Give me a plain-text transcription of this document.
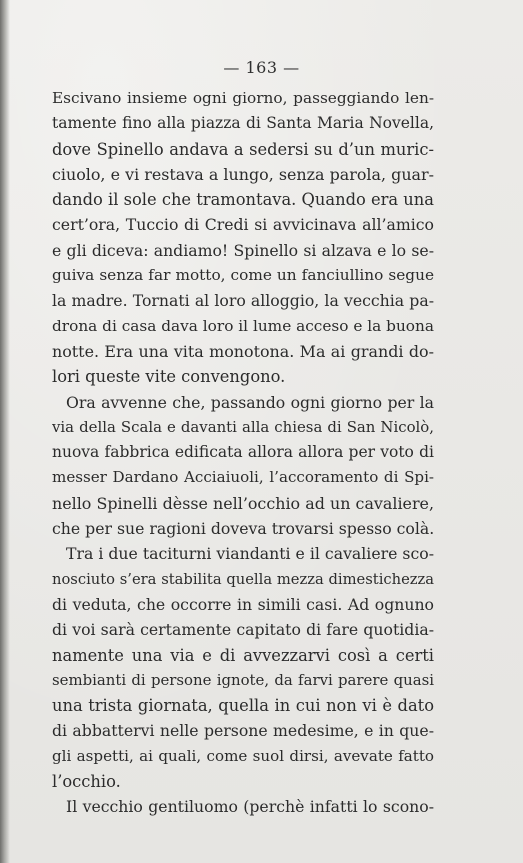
— 163 —
Escivano insieme ogni giorno, passeggiando len-
tamente fino alla piazza di Santa Maria Novella,
dove Spinello andava a sedersi su d’un muric-
ciuolo, e vi restava a lungo, senza parola, guar-
dando il sole che tramontava. Quando era una
cert’ora, Tuccio di Credi si avvicinava all’amico
e gli diceva: andiamo! Spinello si alzava e lo se-
guiva senza far motto, come un fanciullino segue
la madre. Tornati al loro alloggio, la vecchia pa-
drona di casa dava loro il lume acceso e la buona
notte. Era una vita monotona. Ma ai grandi do-
lori queste vite convengono.
Ora avvenne che, passando ogni giorno per la
via della Scala e davanti alla chiesa di San Nicolò,
nuova fabbrica edificata allora allora per voto di
messer Dardano Acciaiuoli, l’accoramento di Spi-
nello Spinelli dèsse nell’occhio ad un cavaliere,
che per sue ragioni doveva trovarsi spesso colà.
Tra i due taciturni viandanti e il cavaliere sco-
nosciuto s’era stabilita quella mezza dimestichezza
di veduta, che occorre in simili casi. Ad ognuno
di voi sarà certamente capitato di fare quotidia-
namente una via e di avvezzarvi così a certi
sembianti di persone ignote, da farvi parere quasi
una trista giornata, quella in cui non vi è dato
di abbattervi nelle persone medesime, e in que-
gli aspetti, ai quali, come suol dirsi, avevate fatto
l’occhio.
Il vecchio gentiluomo (perchè infatti lo scono-
